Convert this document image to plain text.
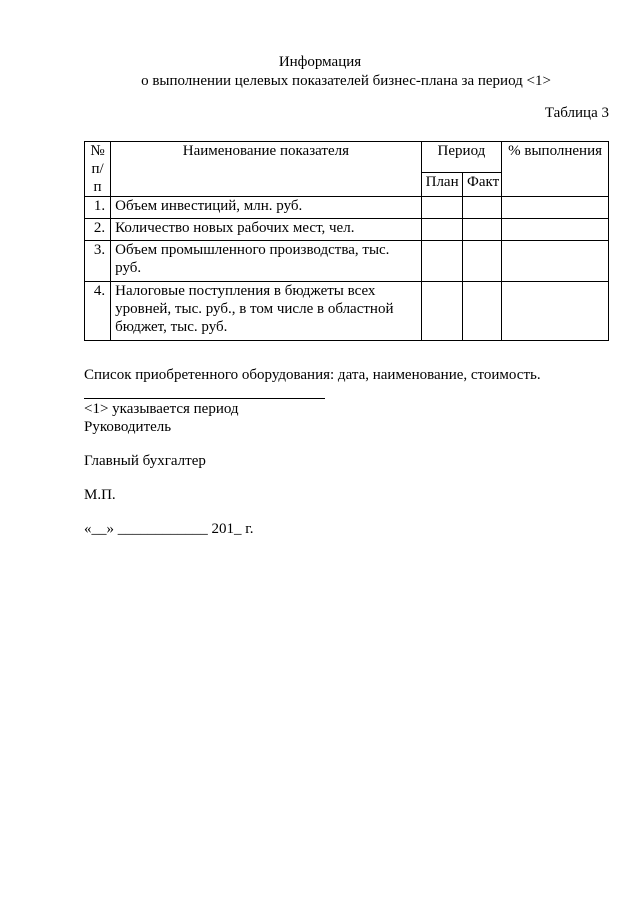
Информация
о выполнении целевых показателей бизнес-плана за период <1>
Таблица 3
№ п/п	Наименование показателя	Период		% выполнения
		План	Факт	
1.	Объем инвестиций, млн. руб.			
2.	Количество новых рабочих мест, чел.			
3.	Объем промышленного производства, тыс. руб.			
4.	Налоговые поступления в бюджеты всех уровней, тыс. руб., в том числе в областной бюджет, тыс. руб.			
Список приобретенного оборудования: дата, наименование, стоимость.
<1> указывается период
Руководитель
Главный бухгалтер
М.П.
«__» ____________ 201_ г.
